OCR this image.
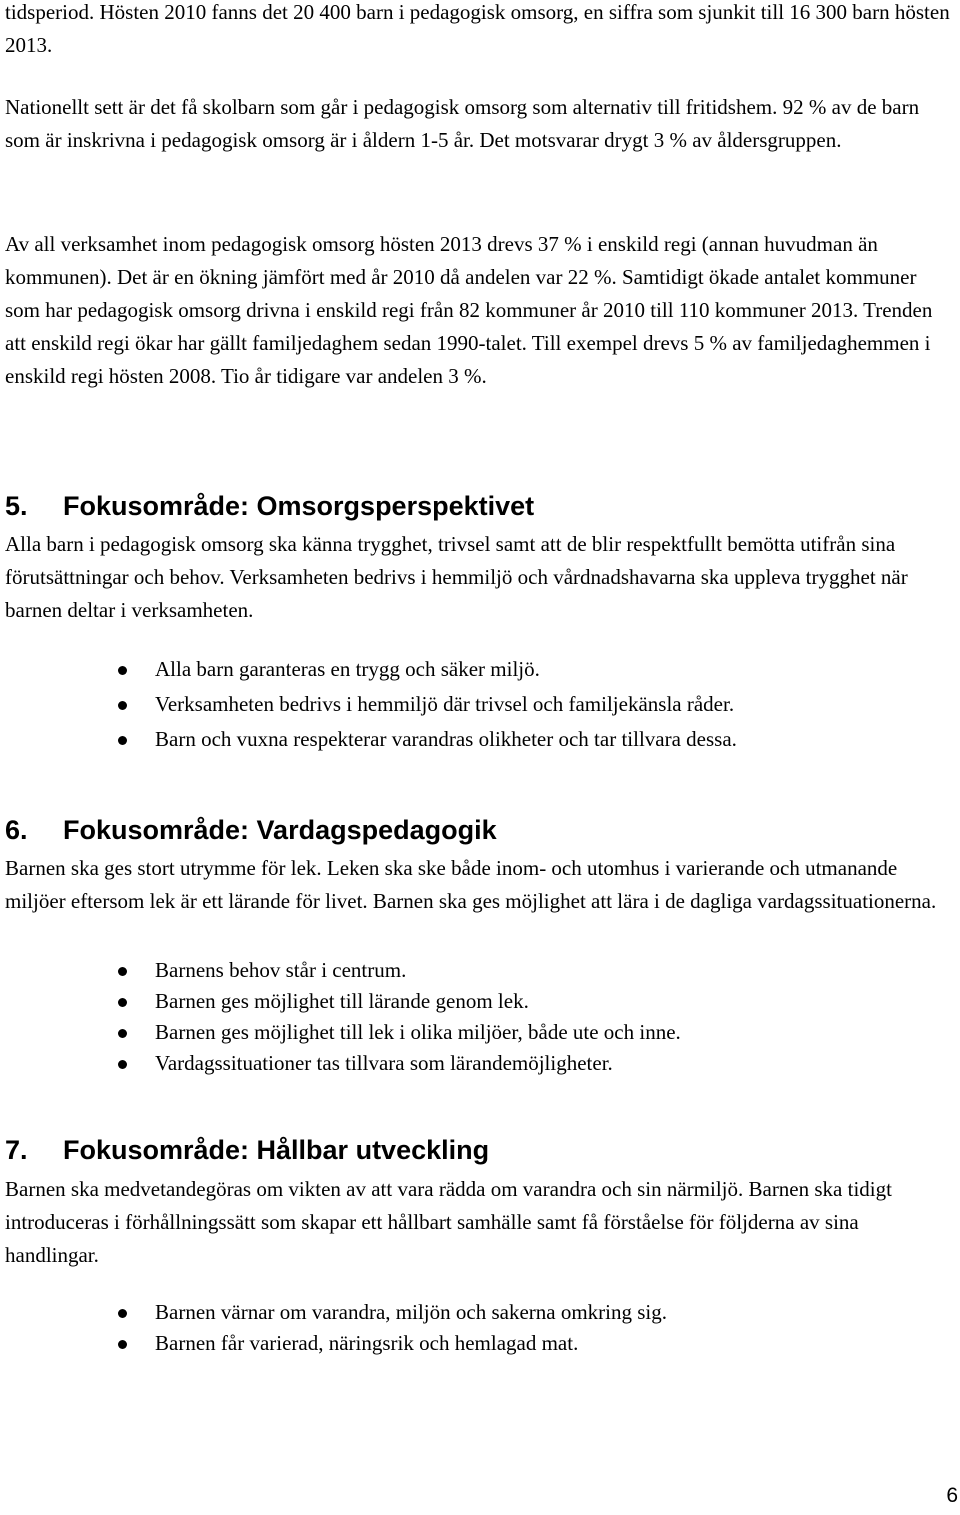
tidsperiod. Hösten 2010 fanns det 20 400 barn i pedagogisk omsorg, en siffra som sjunkit till 16 300 barn hösten 2013.

Nationellt sett är det få skolbarn som går i pedagogisk omsorg som alternativ till fritidshem. 92 % av de barn som är inskrivna i pedagogisk omsorg är i åldern 1-5 år. Det motsvarar drygt 3 % av åldersgruppen.

Av all verksamhet inom pedagogisk omsorg hösten 2013 drevs 37 % i enskild regi (annan huvudman än kommunen). Det är en ökning jämfört med år 2010 då andelen var 22 %. Samtidigt ökade antalet kommuner som har pedagogisk omsorg drivna i enskild regi från 82 kommuner år 2010 till 110 kommuner 2013. Trenden att enskild regi ökar har gällt familjedaghem sedan 1990-talet. Till exempel drevs 5 % av familjedaghemmen i enskild regi hösten 2008. Tio år tidigare var andelen 3 %.

5.	Fokusområde: Omsorgsperspektivet

Alla barn i pedagogisk omsorg ska känna trygghet, trivsel samt att de blir respektfullt bemötta utifrån sina förutsättningar och behov. Verksamheten bedrivs i hemmiljö och vårdnadshavarna ska uppleva trygghet när barnen deltar i verksamheten.

Alla barn garanteras en trygg och säker miljö.
Verksamheten bedrivs i hemmiljö där trivsel och familjekänsla råder.
Barn och vuxna respekterar varandras olikheter och tar tillvara dessa.
6.	Fokusområde: Vardagspedagogik

Barnen ska ges stort utrymme för lek. Leken ska ske både inom- och utomhus i varierande och utmanande miljöer eftersom lek är ett lärande för livet. Barnen ska ges möjlighet att lära i de dagliga vardagssituationerna.

Barnens behov står i centrum.
Barnen ges möjlighet till lärande genom lek.
Barnen ges möjlighet till lek i olika miljöer, både ute och inne.
Vardagssituationer tas tillvara som lärandemöjligheter.
7.	Fokusområde: Hållbar utveckling

Barnen ska medvetandegöras om vikten av att vara rädda om varandra och sin närmiljö. Barnen ska tidigt introduceras i förhållningssätt som skapar ett hållbart samhälle samt få förståelse för följderna av sina handlingar.

Barnen värnar om varandra, miljön och sakerna omkring sig.
Barnen får varierad, näringsrik och hemlagad mat.
6
